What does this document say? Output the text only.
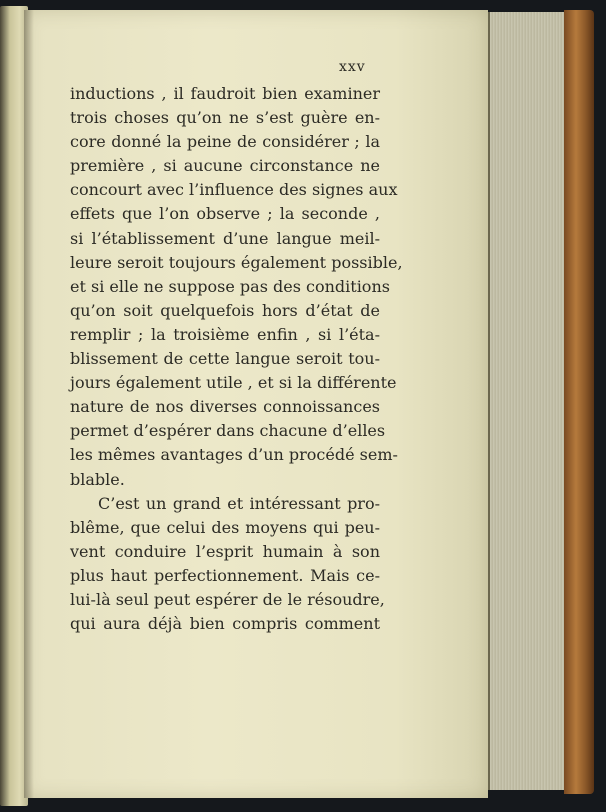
xxv
inductions , il faudroit bien examiner
trois choses qu’on ne s’est guère en-
core donné la peine de considérer ; la
première , si aucune circonstance ne
concourt avec l’influence des signes aux
effets que l’on observe ; la seconde ,
si l’établissement d’une langue meil-
leure seroit toujours également possible,
et si elle ne suppose pas des conditions
qu’on soit quelquefois hors d’état de
remplir ; la troisième enfin , si l’éta-
blissement de cette langue seroit tou-
jours également utile , et si la différente
nature de nos diverses connoissances
permet d’espérer dans chacune d’elles
les mêmes avantages d’un procédé sem-
blable.
C’est un grand et intéressant pro-
blême, que celui des moyens qui peu-
vent conduire l’esprit humain à son
plus haut perfectionnement. Mais ce-
lui-là seul peut espérer de le résoudre,
qui aura déjà bien compris comment
